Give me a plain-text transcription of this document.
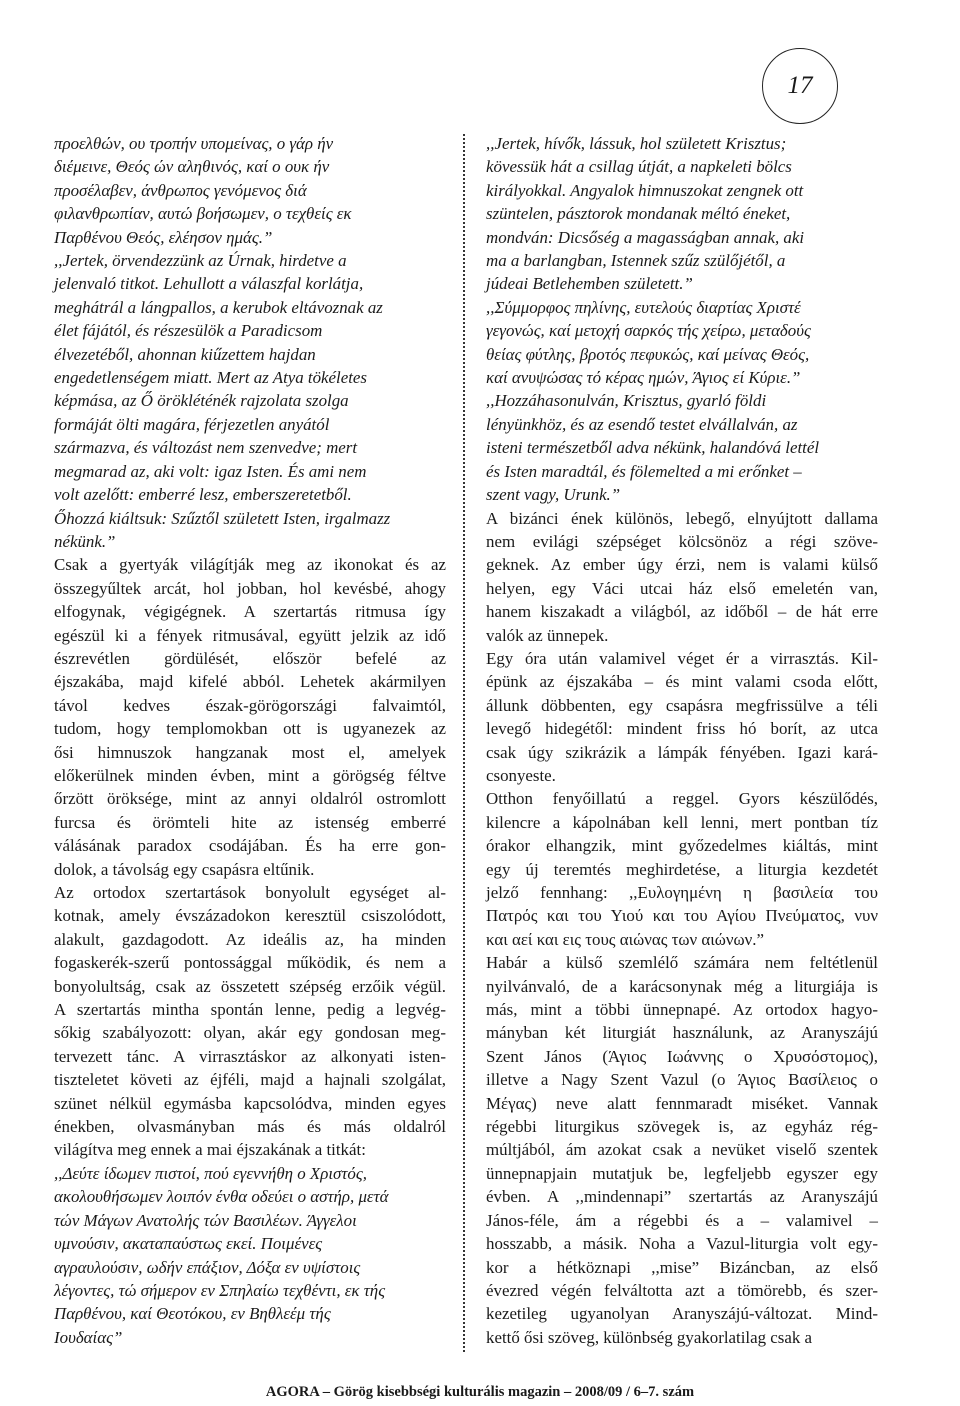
17
προελθών, ου τροπήν υπομείνας, ο γάρ ήν
διέμεινε, Θεός ών αληθινός, καί ο ουκ ήν
προσέλαβεν, άνθρωπος γενόμενος διά
φιλανθρωπίαν, αυτώ βοήσωμεν, ο τεχθείς εκ
Παρθένου Θεός, ελέησον ημάς.”
,,Jertek, örvendezzünk az Úrnak, hirdetve a
jelenvaló titkot. Lehullott a válaszfal korlátja,
meghátrál a lángpallos, a kerubok eltávoznak az
élet fájától, és részesülök a Paradicsom
élvezetéből, ahonnan kiűzettem hajdan
engedetlenségem miatt. Mert az Atya tökéletes
képmása, az Ő örökléténék rajzolata szolga
formáját ölti magára, férjezetlen anyától
származva, és változást nem szenvedve; mert
megmarad az, aki volt: igaz Isten. És ami nem
volt azelőtt: emberré lesz, emberszeretetből.
Őhozzá kiáltsuk: Szűztől született Isten, irgalmazz
nékünk.”
Csak a gyertyák világítják meg az ikonokat és az
összegyűltek arcát, hol jobban, hol kevésbé, ahogy
elfogynak, végigégnek. A szertartás ritmusa így
egészül ki a fények ritmusával, együtt jelzik az idő
észrevétlen gördülését, először befelé az
éjszakába, majd kifelé abból. Lehetek akármilyen
távol kedves észak-görögországi falvaimtól,
tudom, hogy templomokban ott is ugyanezek az
ősi himnuszok hangzanak most el, amelyek
előkerülnek minden évben, mint a görögség féltve
őrzött öröksége, mint az annyi oldalról ostromlott
furcsa és örömteli hite az istenség emberré
válásának paradox csodájában. És ha erre gon-
dolok, a távolság egy csapásra eltűnik.
Az ortodox szertartások bonyolult egységet al-
kotnak, amely évszázadokon keresztül csiszolódott,
alakult, gazdagodott. Az ideális az, ha minden
fogaskerék-szerű pontossággal működik, és nem a
bonyolultság, csak az összetett szépség erzőik végül.
A szertartás mintha spontán lenne, pedig a legvég-
sőkig szabályozott: olyan, akár egy gondosan meg-
tervezett tánc. A virrasztáskor az alkonyati isten-
tiszteletet követi az éjféli, majd a hajnali szolgálat,
szünet nélkül egymásba kapcsolódva, minden egyes
énekben, olvasmányban más és más oldalról
világítva meg ennek a mai éjszakának a titkát:
,,Δεύτε ίδωμεν πιστοί, πού εγεννήθη ο Χριστός,
ακολουθήσωμεν λοιπόν ένθα οδεύει ο αστήρ, μετά
τών Μάγων Ανατολής τών Βασιλέων. Άγγελοι
υμνούσιν, ακαταπαύστως εκεί. Ποιμένες
αγραυλούσιν, ωδήν επάξιον, Δόξα εν υψίστοις
λέγοντες, τώ σήμερον εν Σπηλαίω τεχθέντι, εκ τής
Παρθένου, καί Θεοτόκου, εν Βηθλεέμ τής
Ιουδαίας”
,,Jertek, hívők, lássuk, hol született Krisztus;
kövessük hát a csillag útját, a napkeleti bölcs
királyokkal. Angyalok himnuszokat zengnek ott
szüntelen, pásztorok mondanak méltó éneket,
mondván: Dicsőség a magasságban annak, aki
ma a barlangban, Istennek szűz szülőjétől, a
júdeai Betlehemben született.”
,,Σύμμορφος πηλίνης, ευτελούς διαρτίας Χριστέ
γεγονώς, καί μετοχή σαρκός τής χείρω, μεταδούς
θείας φύτλης, βροτός πεφυκώς, καί μείνας Θεός,
καί ανυψώσας τό κέρας ημών, Άγιος εί Κύριε.”
,,Hozzáhasonulván, Krisztus, gyarló földi
lényünkhöz, és az esendő testet elvállalván, az
isteni természetből adva nékünk, halandóvá lettél
és Isten maradtál, és fölemelted a mi erőnket –
szent vagy, Urunk.”
A bizánci ének különös, lebegő, elnyújtott dallama
nem evilági szépséget kölcsönöz a régi szöve-
geknek. Az ember úgy érzi, nem is valami külső
helyen, egy Váci utcai ház első emeletén van,
hanem kiszakadt a világból, az időből – de hát erre
valók az ünnepek.
Egy óra után valamivel véget ér a virrasztás. Kil-
épünk az éjszakába – és mint valami csoda előtt,
állunk döbbenten, egy csapásra megfrissülve a téli
levegő hidegétől: mindent friss hó borít, az utca
csak úgy szikrázik a lámpák fényében. Igazi kará-
csonyeste.
Otthon fenyőillatú a reggel. Gyors készülődés,
kilencre a kápolnában kell lenni, mert pontban tíz
órakor elhangzik, mint győzedelmes kiáltás, mint
egy új teremtés meghirdetése, a liturgia kezdetét
jelző fennhang: ,,Ευλογημένη η βασιλεία του
Πατρός και του Υιού και του Αγίου Πνεύματος, νυν
και αεί και εις τους αιώνας των αιώνων.”
Habár a külső szemlélő számára nem feltétlenül
nyilvánvaló, de a karácsonynak még a liturgiája is
más, mint a többi ünnepnapé. Az ortodox hagyo-
mányban két liturgiát használunk, az Aranyszájú
Szent János (Άγιος Ιωάννης ο Χρυσόστομος),
illetve a Nagy Szent Vazul (ο Άγιος Βασίλειος ο
Μέγας) neve alatt fennmaradt miséket. Vannak
régebbi liturgikus szövegek is, az egyház rég-
múltjából, ám azokat csak a nevüket viselő szentek
ünnepnapjain mutatjuk be, legfeljebb egyszer egy
évben. A ,,mindennapi” szertartás az Aranyszájú
János-féle, ám a régebbi és a – valamivel –
hosszabb, a másik. Noha a Vazul-liturgia volt egy-
kor a hétköznapi ,,mise” Bizáncban, az első
évezred végén felváltotta azt a tömörebb, és szer-
kezetileg ugyanolyan Aranyszájú-változat. Mind-
kettő ősi szöveg, különbség gyakorlatilag csak a
AGORA – Görög kisebbségi kulturális magazin – 2008/09 / 6–7. szám
